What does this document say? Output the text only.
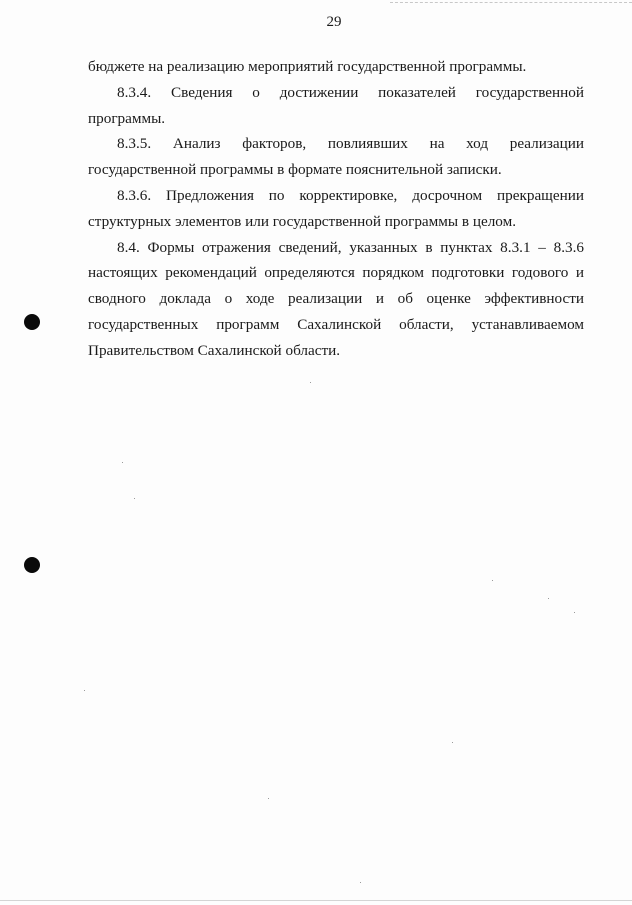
29

бюджете на реализацию мероприятий государственной программы.

8.3.4. Сведения о достижении показателей государственной программы.

8.3.5. Анализ факторов, повлиявших на ход реализации государственной программы в формате пояснительной записки.

8.3.6. Предложения по корректировке, досрочном прекращении структурных элементов или государственной программы в целом.

8.4. Формы отражения сведений, указанных в пунктах 8.3.1 – 8.3.6 настоящих рекомендаций определяются порядком подготовки годового и сводного доклада о ходе реализации и об оценке эффективности государственных программ Сахалинской области, устанавливаемом Правительством Сахалинской области.
